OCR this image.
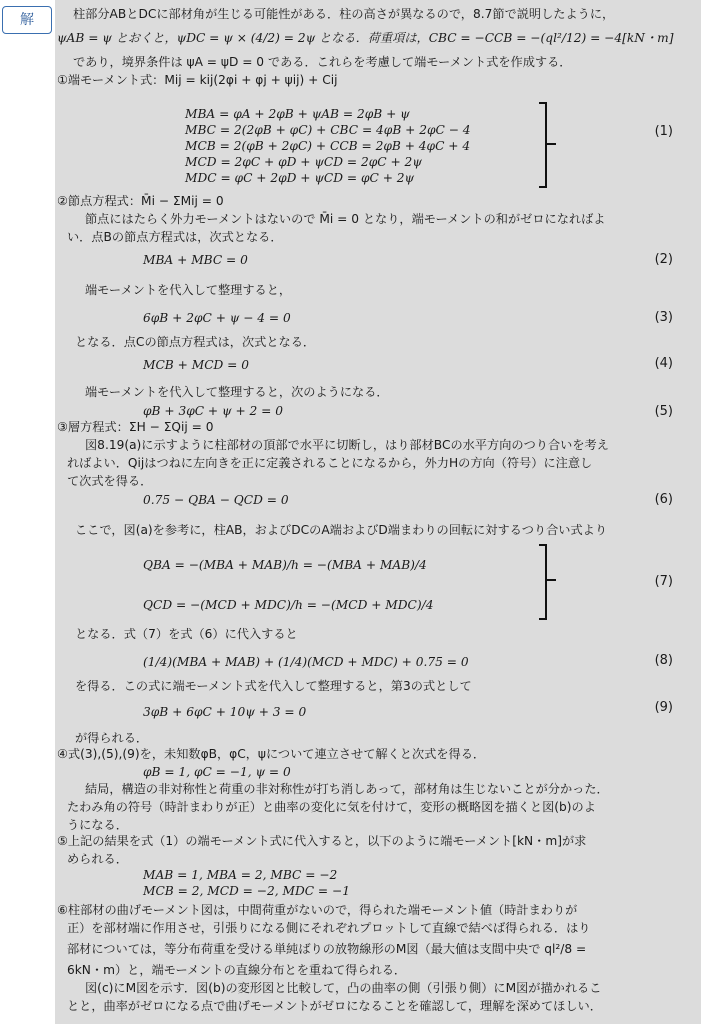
解	柱部分ABとDCに部材角が生じる可能性がある．柱の高さが異なるので，8.7節で説明したように，
ψAB = ψ とおくと，ψDC = ψ × (4/2) = 2ψ となる．荷重項は，CBC = −CCB = −(ql²/12) = −4[kN・m]
であり，境界条件は ψA = ψD = 0 である．これらを考慮して端モーメント式を作成する．
①端モーメント式：Mij = kij(2φi + φj + ψij) + Cij
MBA = φA + 2φB + ψAB = 2φB + ψ
MBC = 2(2φB + φC) + CBC = 4φB + 2φC − 4
MCB = 2(φB + 2φC) + CCB = 2φB + 4φC + 4
MCD = 2φC + φD + ψCD = 2φC + 2ψ
MDC = φC + 2φD + ψCD = φC + 2ψ
(1)
②節点方程式：M̄i − ΣMij = 0
節点にはたらく外力モーメントはないので M̄i = 0 となり，端モーメントの和がゼロになればよ
い．点Bの節点方程式は，次式となる．
MBA + MBC = 0	(2)
端モーメントを代入して整理すると，
6φB + 2φC + ψ − 4 = 0	(3)
となる．点Cの節点方程式は，次式となる．
MCB + MCD = 0	(4)
端モーメントを代入して整理すると，次のようになる．
φB + 3φC + ψ + 2 = 0	(5)
③層方程式：ΣH − ΣQij = 0
図8.19(a)に示すように柱部材の頂部で水平に切断し，はり部材BCの水平方向のつり合いを考え
ればよい．Qijはつねに左向きを正に定義されることになるから，外力Hの方向（符号）に注意し
て次式を得る．
0.75 − QBA − QCD = 0	(6)
ここで，図(a)を参考に，柱AB，およびDCのA端およびD端まわりの回転に対するつり合い式より
QBA = −(MBA + MAB)/h = −(MBA + MAB)/4
QCD = −(MCD + MDC)/h = −(MCD + MDC)/4
(7)
となる．式（7）を式（6）に代入すると
(1/4)(MBA + MAB) + (1/4)(MCD + MDC) + 0.75 = 0	(8)
を得る．この式に端モーメント式を代入して整理すると，第3の式として
3φB + 6φC + 10ψ + 3 = 0	(9)
が得られる．
④式(3),(5),(9)を，未知数φB，φC，ψについて連立させて解くと次式を得る．
φB = 1, φC = −1, ψ = 0
結局，構造の非対称性と荷重の非対称性が打ち消しあって，部材角は生じないことが分かった．
たわみ角の符号（時計まわりが正）と曲率の変化に気を付けて，変形の概略図を描くと図(b)のよ
うになる．
⑤上記の結果を式（1）の端モーメント式に代入すると，以下のように端モーメント[kN・m]が求
められる．
MAB = 1, MBA = 2, MBC = −2
MCB = 2, MCD = −2, MDC = −1
⑥柱部材の曲げモーメント図は，中間荷重がないので，得られた端モーメント値（時計まわりが
正）を部材端に作用させ，引張りになる側にそれぞれプロットして直線で結べば得られる．はり
部材については，等分布荷重を受ける単純ばりの放物線形のM図（最大値は支間中央で ql²/8 =
6kN・m）と，端モーメントの直線分布とを重ねて得られる．
図(c)にM図を示す．図(b)の変形図と比較して，凸の曲率の側（引張り側）にM図が描かれるこ
とと，曲率がゼロになる点で曲げモーメントがゼロになることを確認して，理解を深めてほしい．
